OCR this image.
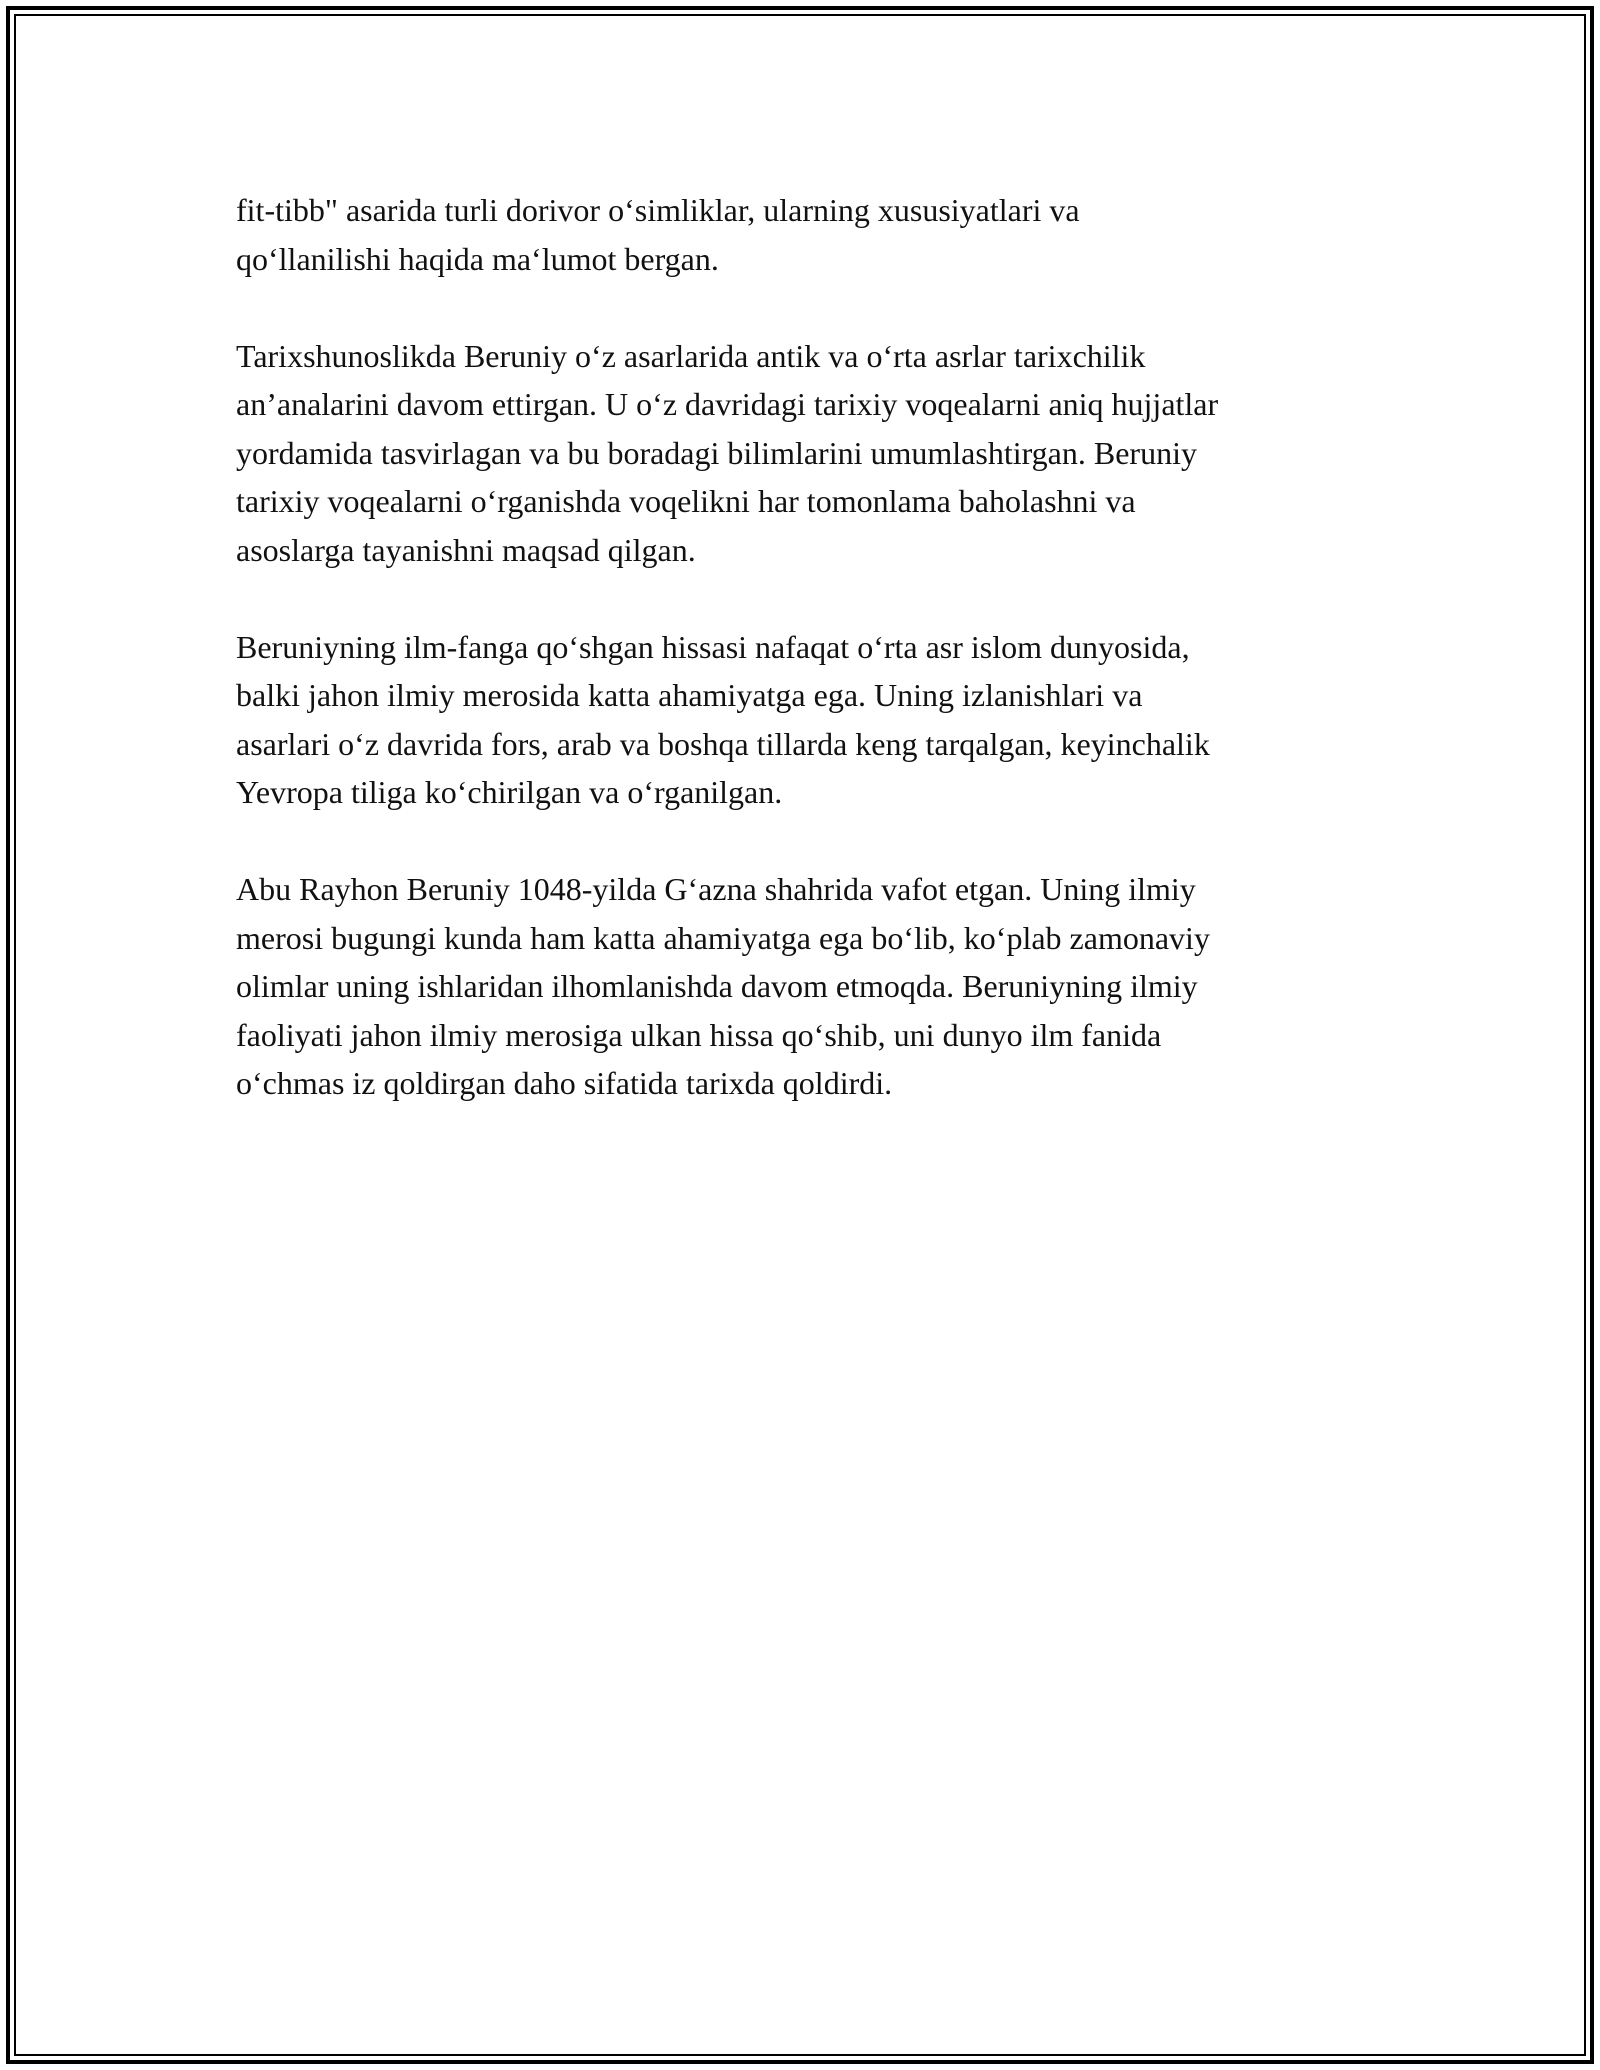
fit-tibb" asarida turli dorivor o‘simliklar, ularning xususiyatlari va
qo‘llanilishi haqida ma‘lumot bergan.

Tarixshunoslikda Beruniy o‘z asarlarida antik va o‘rta asrlar tarixchilik
an’analarini davom ettirgan. U o‘z davridagi tarixiy voqealarni aniq hujjatlar
yordamida tasvirlagan va bu boradagi bilimlarini umumlashtirgan. Beruniy
tarixiy voqealarni o‘rganishda voqelikni har tomonlama baholashni va
asoslarga tayanishni maqsad qilgan.

Beruniyning ilm-fanga qo‘shgan hissasi nafaqat o‘rta asr islom dunyosida,
balki jahon ilmiy merosida katta ahamiyatga ega. Uning izlanishlari va
asarlari o‘z davrida fors, arab va boshqa tillarda keng tarqalgan, keyinchalik
Yevropa tiliga ko‘chirilgan va o‘rganilgan.

Abu Rayhon Beruniy 1048-yilda G‘azna shahrida vafot etgan. Uning ilmiy
merosi bugungi kunda ham katta ahamiyatga ega bo‘lib, ko‘plab zamonaviy
olimlar uning ishlaridan ilhomlanishda davom etmoqda. Beruniyning ilmiy
faoliyati jahon ilmiy merosiga ulkan hissa qo‘shib, uni dunyo ilm fanida
o‘chmas iz qoldirgan daho sifatida tarixda qoldirdi.
